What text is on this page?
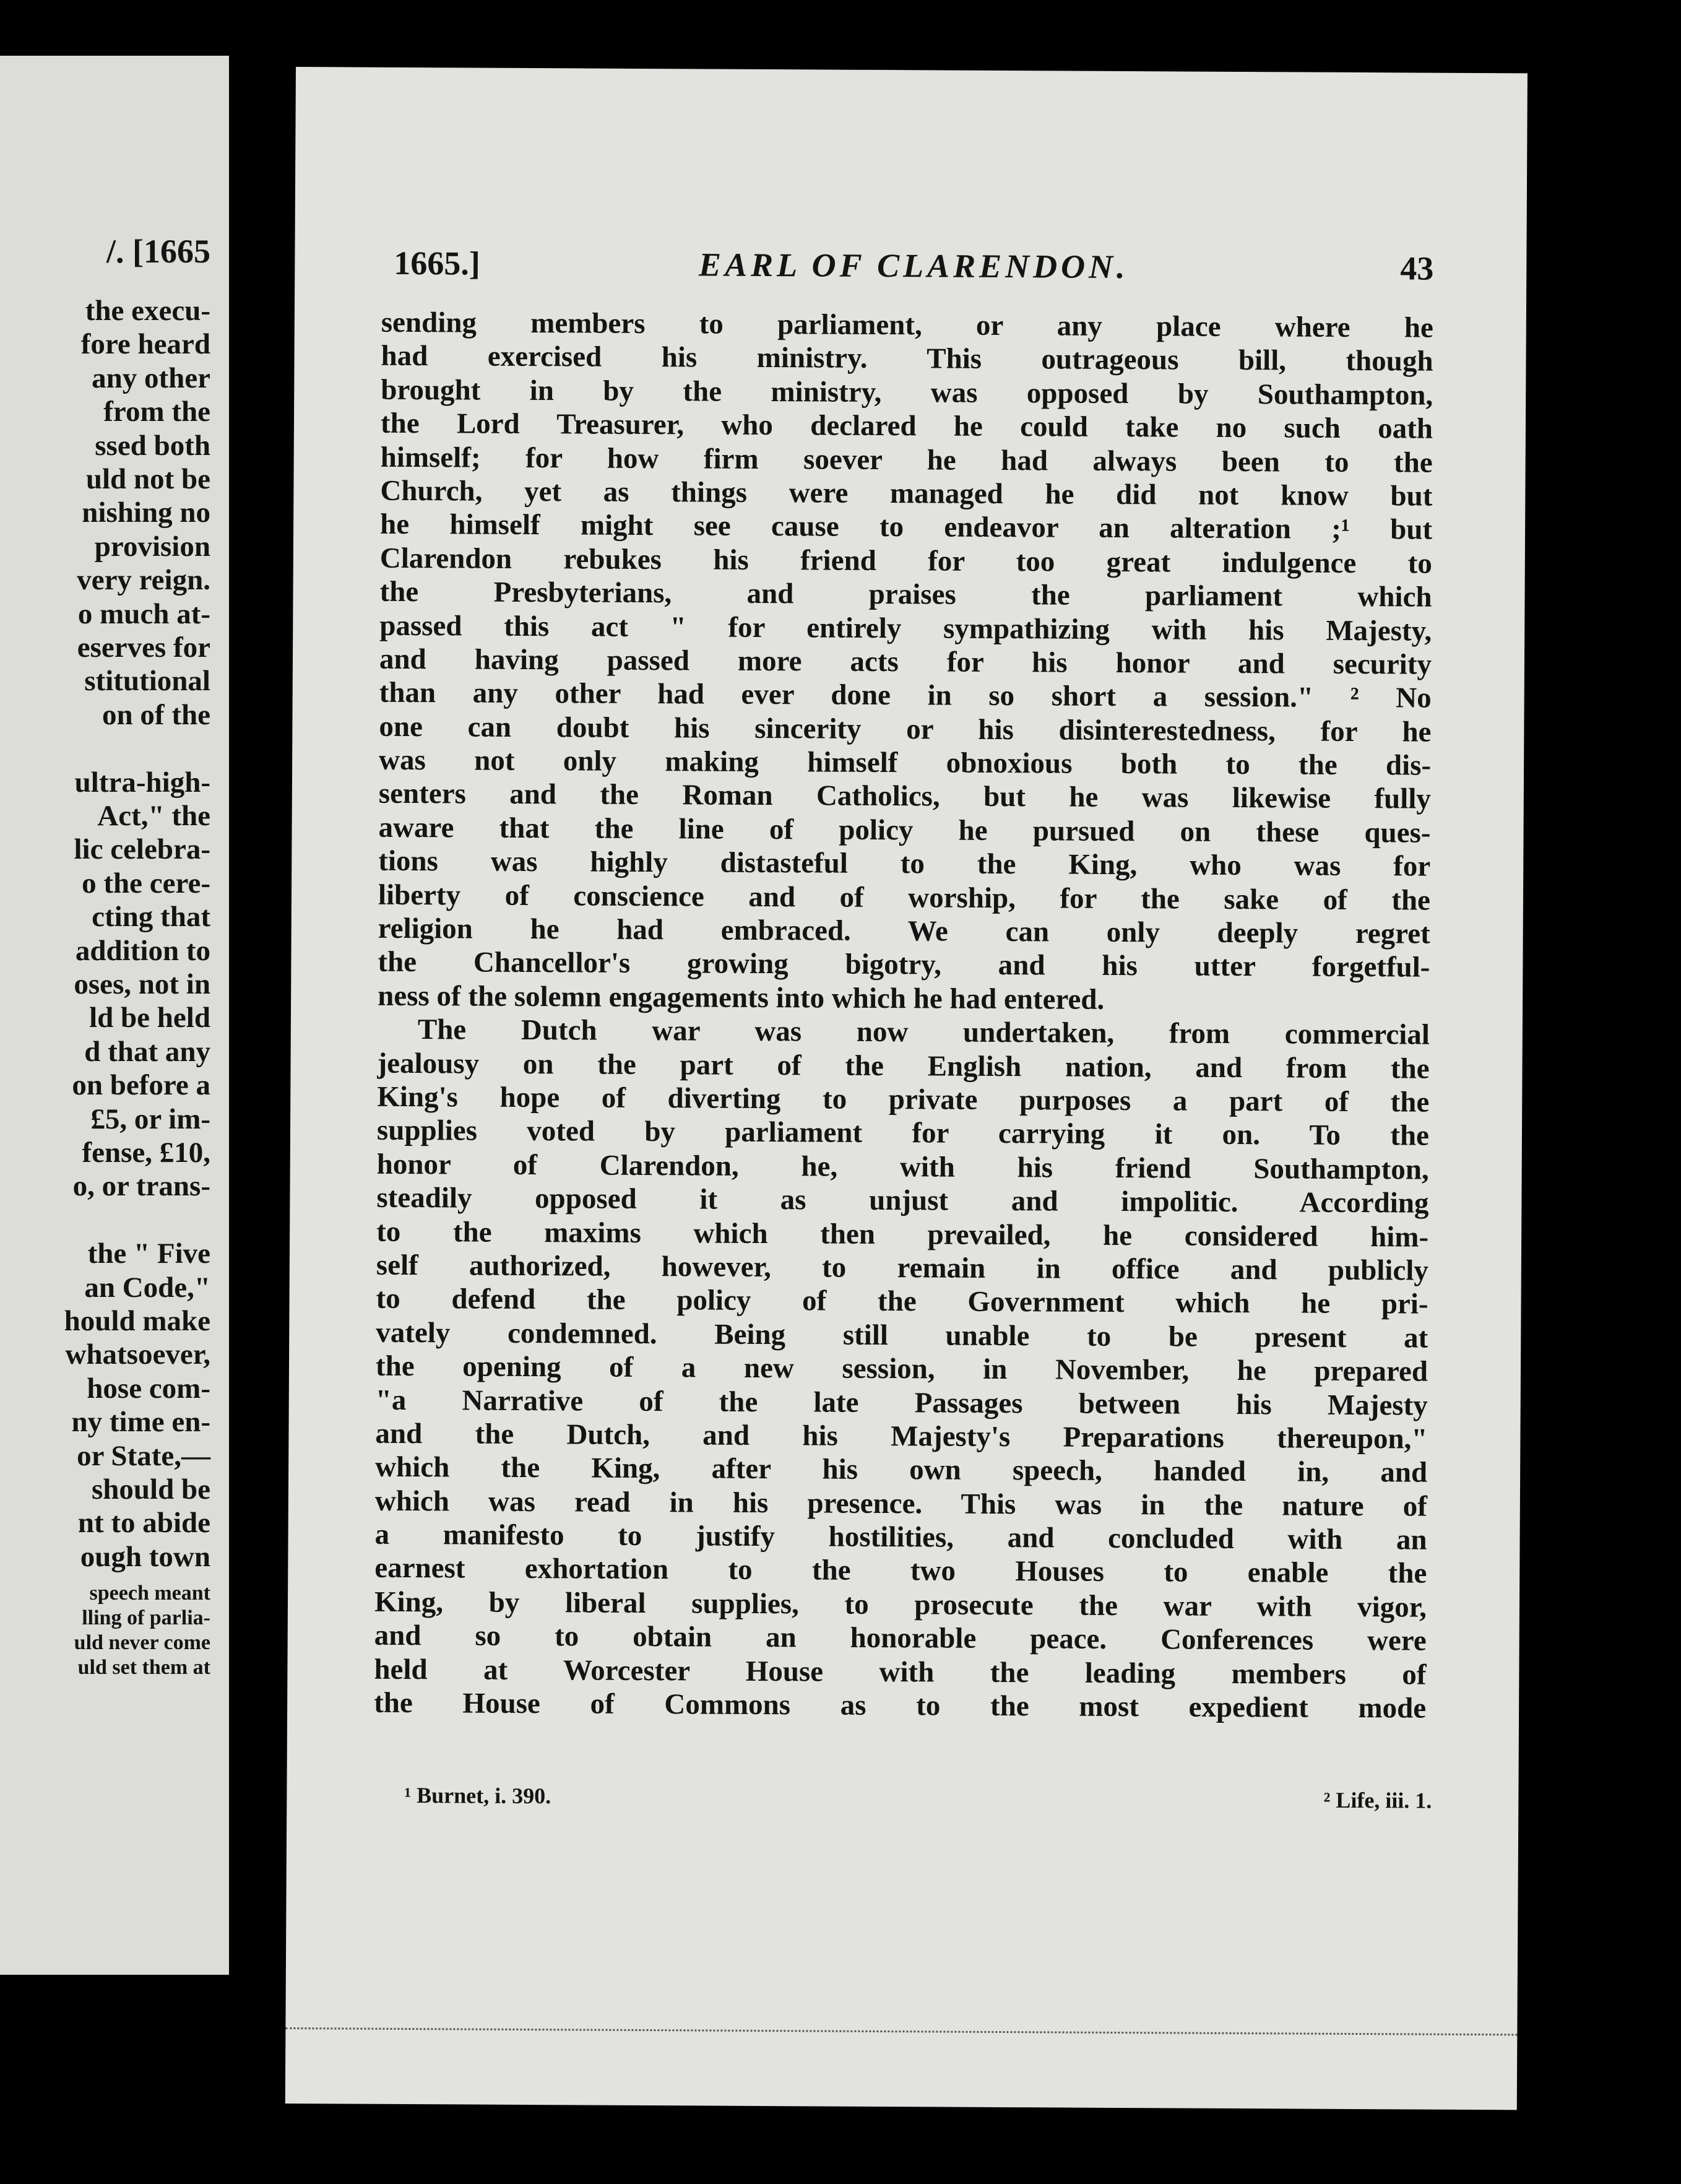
/. [1665
the execu-
fore heard
any other
from the
ssed both
uld not be
nishing no
provision
very reign.
o much at-
eserves for
stitutional
on of the
ultra-high-
Act," the
lic celebra-
o the cere-
cting that
addition to
oses, not in
ld be held
d that any
on before a
£5, or im-
fense, £10,
o, or trans-
the " Five
an Code,"
hould make
whatsoever,
hose com-
ny time en-
or State,—
should be
nt to abide
ough town
speech meant
lling of parlia-
uld never come
uld set them at
1665.]	EARL OF CLARENDON.	43
sending members to parliament, or any place where he
had exercised his ministry. This outrageous bill, though
brought in by the ministry, was opposed by Southampton,
the Lord Treasurer, who declared he could take no such oath
himself; for how firm soever he had always been to the
Church, yet as things were managed he did not know but
he himself might see cause to endeavor an alteration ;¹ but
Clarendon rebukes his friend for too great indulgence to
the Presbyterians, and praises the parliament which
passed this act " for entirely sympathizing with his Majesty,
and having passed more acts for his honor and security
than any other had ever done in so short a session." ² No
one can doubt his sincerity or his disinterestedness, for he
was not only making himself obnoxious both to the dis-
senters and the Roman Catholics, but he was likewise fully
aware that the line of policy he pursued on these ques-
tions was highly distasteful to the King, who was for
liberty of conscience and of worship, for the sake of the
religion he had embraced. We can only deeply regret
the Chancellor's growing bigotry, and his utter forgetful-
ness of the solemn engagements into which he had entered.
The Dutch war was now undertaken, from commercial
jealousy on the part of the English nation, and from the
King's hope of diverting to private purposes a part of the
supplies voted by parliament for carrying it on. To the
honor of Clarendon, he, with his friend Southampton,
steadily opposed it as unjust and impolitic. According
to the maxims which then prevailed, he considered him-
self authorized, however, to remain in office and publicly
to defend the policy of the Government which he pri-
vately condemned. Being still unable to be present at
the opening of a new session, in November, he prepared
"a Narrative of the late Passages between his Majesty
and the Dutch, and his Majesty's Preparations thereupon,"
which the King, after his own speech, handed in, and
which was read in his presence. This was in the nature of
a manifesto to justify hostilities, and concluded with an
earnest exhortation to the two Houses to enable the
King, by liberal supplies, to prosecute the war with vigor,
and so to obtain an honorable peace. Conferences were
held at Worcester House with the leading members of
the House of Commons as to the most expedient mode
¹ Burnet, i. 390.	² Life, iii. 1.
